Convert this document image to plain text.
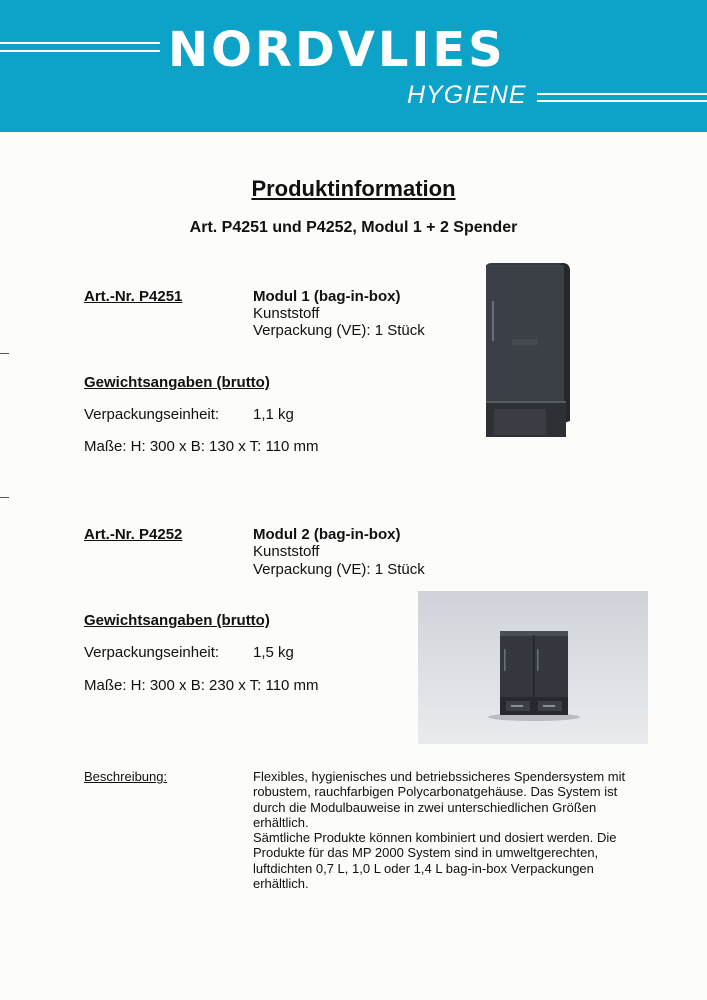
NORDVLIES
HYGIENE
Produktinformation
Art. P4251 und P4252, Modul 1 + 2 Spender
Art.-Nr. P4251	Modul 1 (bag-in-box)
Kunststoff
Verpackung (VE): 1 Stück
Gewichtsangaben (brutto)
Verpackungseinheit: 1,1 kg
Maße: H: 300 x B: 130 x T: 110 mm
Art.-Nr. P4252	Modul 2 (bag-in-box)
Kunststoff
Verpackung (VE): 1 Stück
Gewichtsangaben (brutto)
Verpackungseinheit: 1,5 kg
Maße: H: 300 x B: 230 x T: 110 mm
Beschreibung:	Flexibles, hygienisches und betriebssicheres Spendersystem mit robustem, rauchfarbigen Polycarbonatgehäuse. Das System ist durch die Modulbauweise in zwei unterschiedlichen Größen erhältlich.

Sämtliche Produkte können kombiniert und dosiert werden. Die Produkte für das MP 2000 System sind in umweltgerechten, luftdichten 0,7 L, 1,0 L oder 1,4 L bag-in-box Verpackungen erhältlich.
